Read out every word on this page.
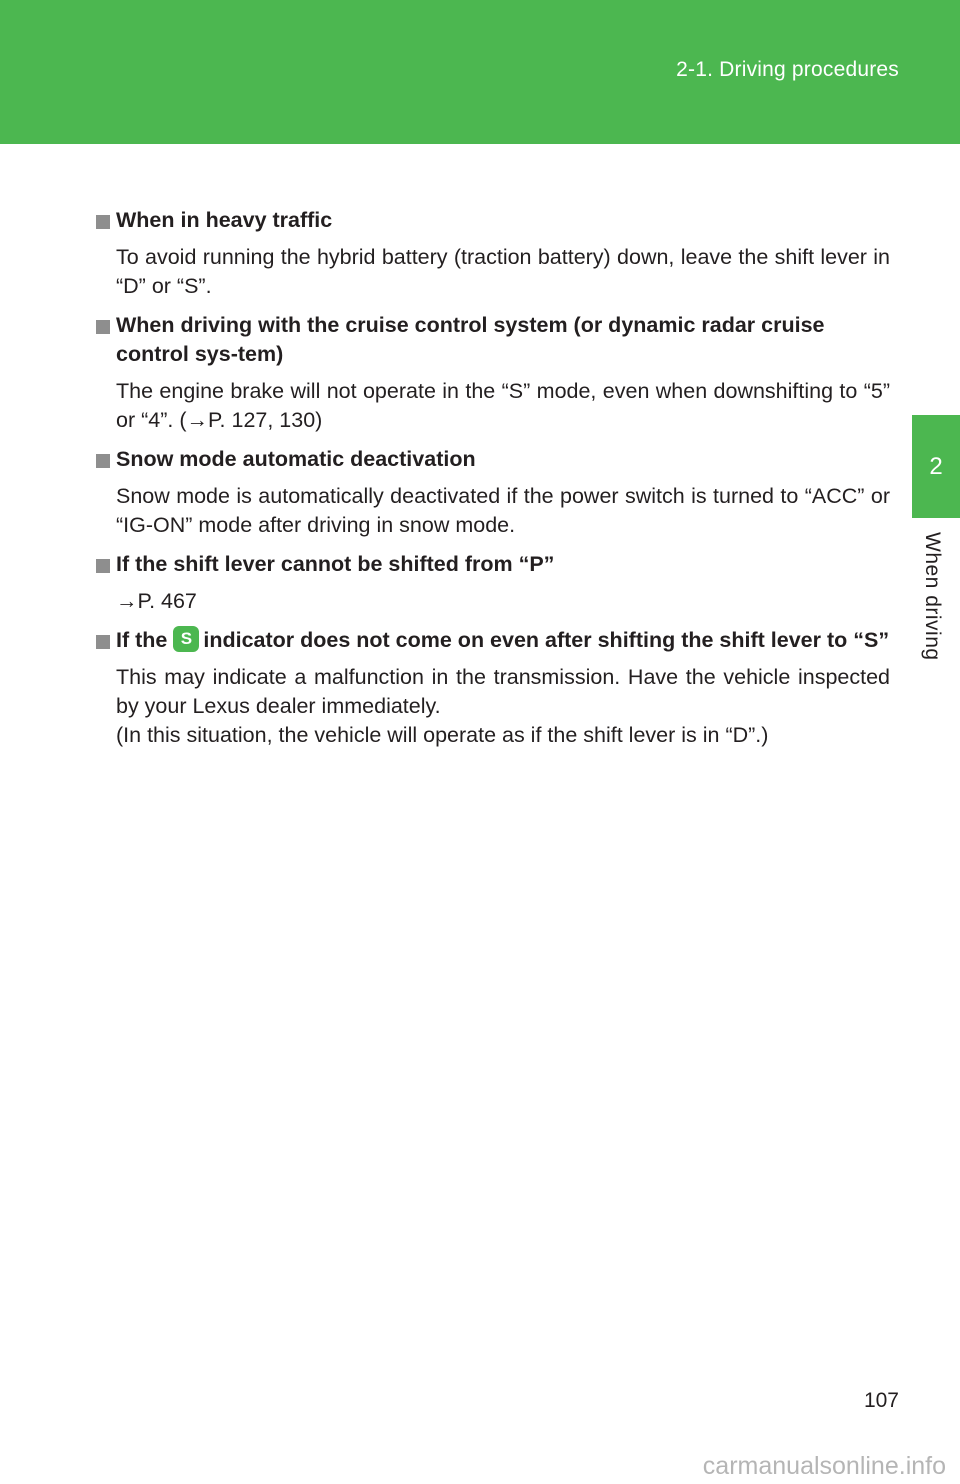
2-1. Driving procedures
2
When driving
When in heavy traffic
To avoid running the hybrid battery (traction battery) down, leave the shift lever in “D” or “S”.
When driving with the cruise control system (or dynamic radar cruise control sys-tem)
The engine brake will not operate in the “S” mode, even when downshifting to “5” or “4”. (→P. 127, 130)
Snow mode automatic deactivation
Snow mode is automatically deactivated if the power switch is turned to “ACC” or “IG-ON” mode after driving in snow mode.
If the shift lever cannot be shifted from “P”
→P. 467
If the S indicator does not come on even after shifting the shift lever to “S”
This may indicate a malfunction in the transmission. Have the vehicle inspected by your Lexus dealer immediately.
(In this situation, the vehicle will operate as if the shift lever is in “D”.)
107
carmanualsonline.info
